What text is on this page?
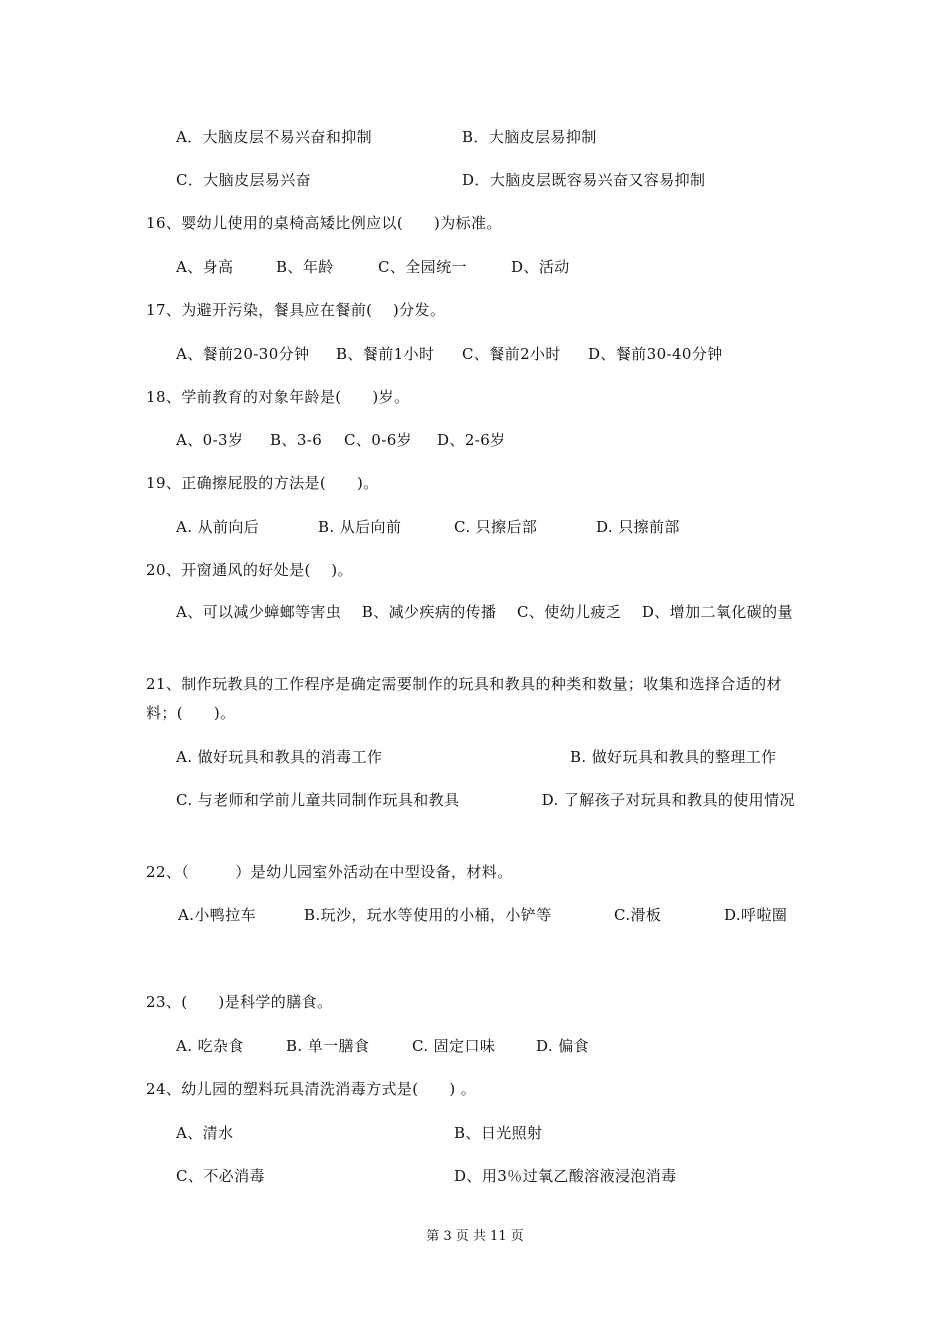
A．大脑皮层不易兴奋和抑制	B．大脑皮层易抑制
C．大脑皮层易兴奋	D．大脑皮层既容易兴奋又容易抑制
16、婴幼儿使用的桌椅高矮比例应以(　　)为标准。
A、身高	B、年龄	C、全园统一	D、活动
17、为避开污染，餐具应在餐前(　 )分发。
A、餐前20-30分钟 B、餐前1小时 C、餐前2小时 D、餐前30-40分钟
18、学前教育的对象年龄是(　　)岁。
A、0-3岁 B、3-6 C、0-6岁 D、2-6岁
19、正确擦屁股的方法是(　　)。
A. 从前向后	B. 从后向前	C. 只擦后部	D. 只擦前部
20、开窗通风的好处是(　 )。
A、可以减少蟑螂等害虫　 B、减少疾病的传播　 C、使幼儿疲乏　 D、增加二氧化碳的量
21、制作玩教具的工作程序是确定需要制作的玩具和教具的种类和数量；收集和选择合适的材料；(　　)。
A. 做好玩具和教具的消毒工作	B. 做好玩具和教具的整理工作
C. 与老师和学前儿童共同制作玩具和教具　　　　　 D. 了解孩子对玩具和教具的使用情况
22、（　　　）是幼儿园室外活动在中型设备，材料。
A.小鸭拉车	B.玩沙，玩水等使用的小桶，小铲等	C.滑板	D.呼啦圈
23、(　　)是科学的膳食。
A. 吃杂食	B. 单一膳食	C. 固定口味	D. 偏食
24、幼儿园的塑料玩具清洗消毒方式是(　　) 。
A、清水	B、日光照射
C、不必消毒	D、用3％过氧乙酸溶液浸泡消毒
第 3 页 共 11 页
